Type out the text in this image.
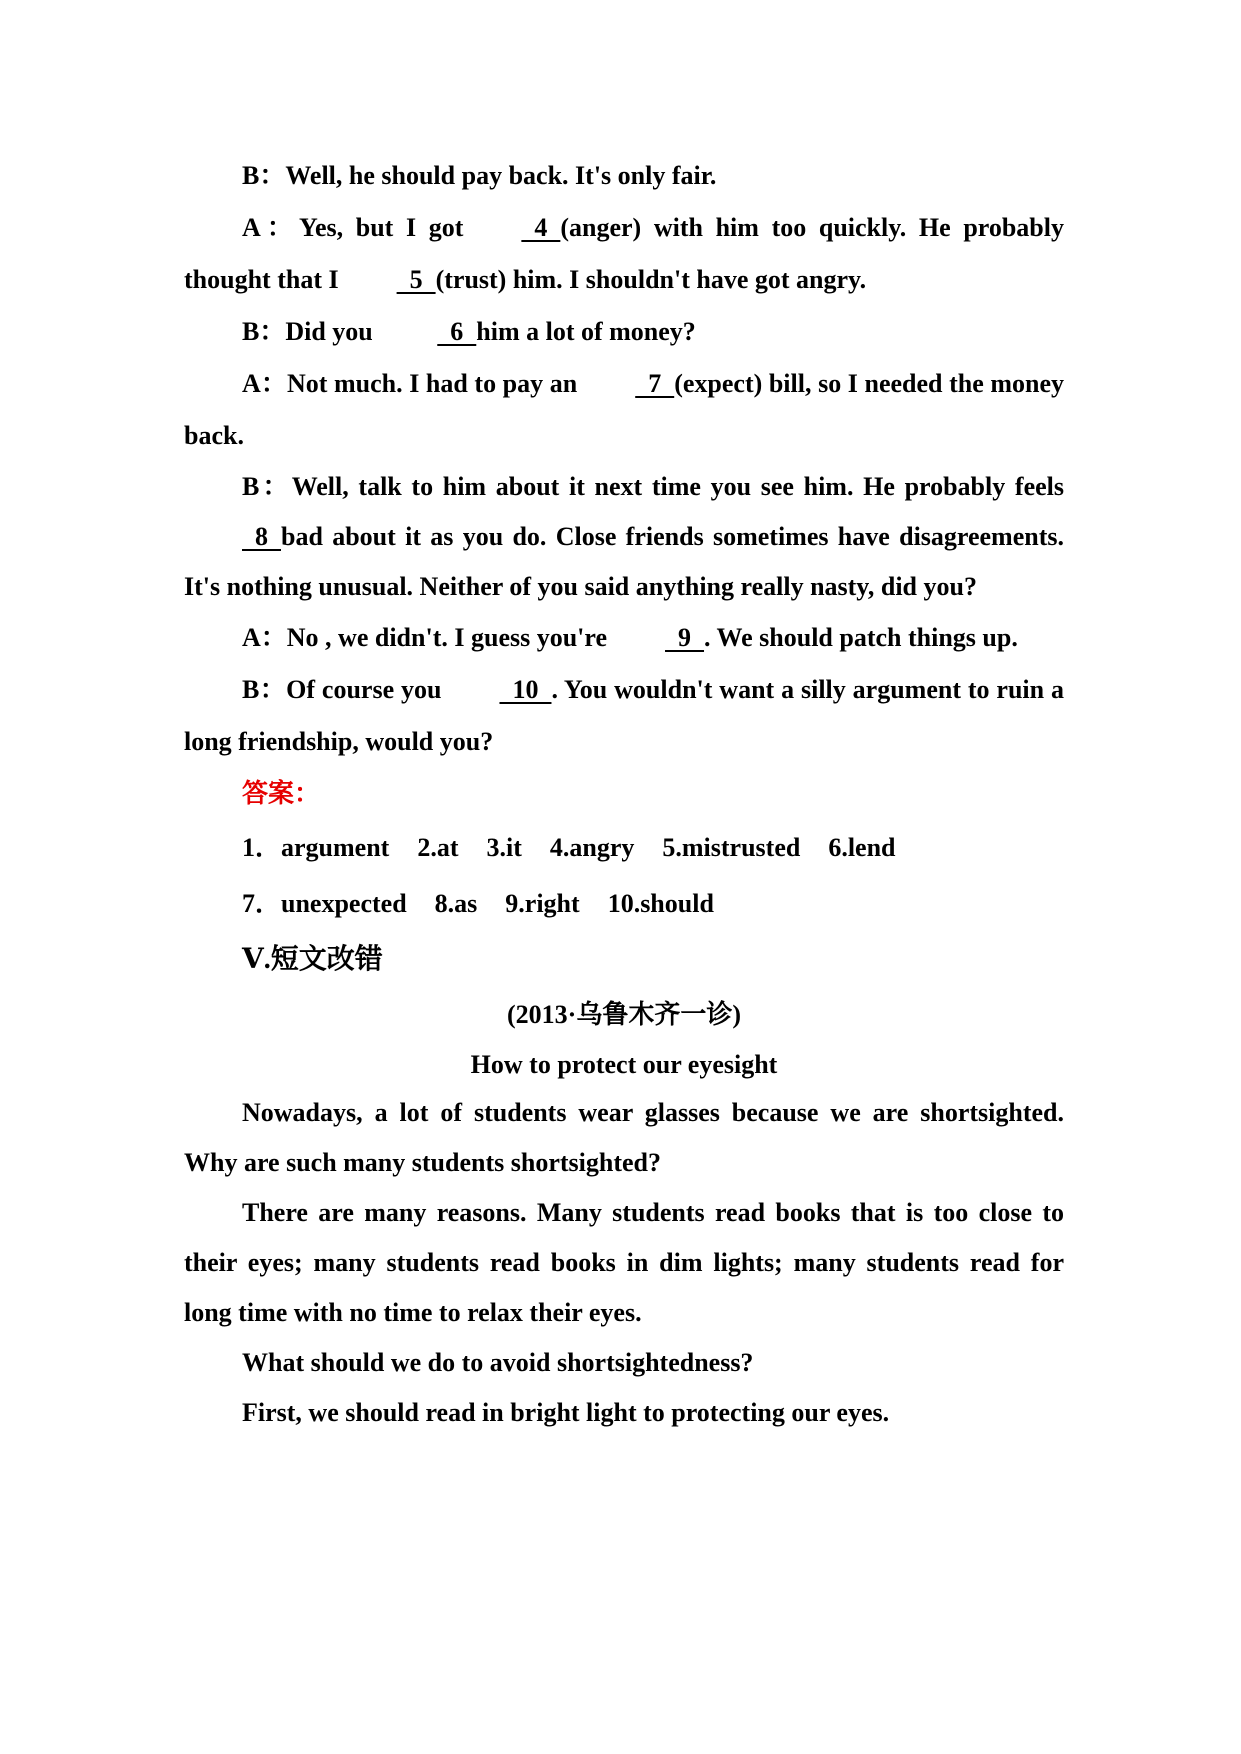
B：Well, he should pay back. It's only fair.

A：Yes, but I got  4  (anger) with him too quickly. He probably thought that I  5  (trust) him. I shouldn't have got angry.

B：Did you   6  him a lot of money?

A：Not much. I had to pay an  7  (expect) bill, so I needed the money back.

B：Well, talk to him about it next time you see him. He probably feels  8  bad about it as you do. Close friends sometimes have disagreements. It's nothing unusual. Neither of you said anything really nasty, did you?

A：No , we didn't. I guess you're  9  . We should patch things up.

B：Of course you  10  . You wouldn't want a silly argument to ruin a long friendship, would you?

答案：

1．argument 2.at 3.it 4.angry 5.mistrusted 6.lend

7．unexpected 8.as 9.right 10.should

Ⅴ.短文改错

(2013·乌鲁木齐一诊)

How to protect our eyesight

Nowadays, a lot of students wear glasses because we are shortsighted. Why are such many students shortsighted?

There are many reasons. Many students read books that is too close to their eyes; many students read books in dim lights; many students read for long time with no time to relax their eyes.

What should we do to avoid shortsightedness?

First, we should read in bright light to protecting our eyes.
